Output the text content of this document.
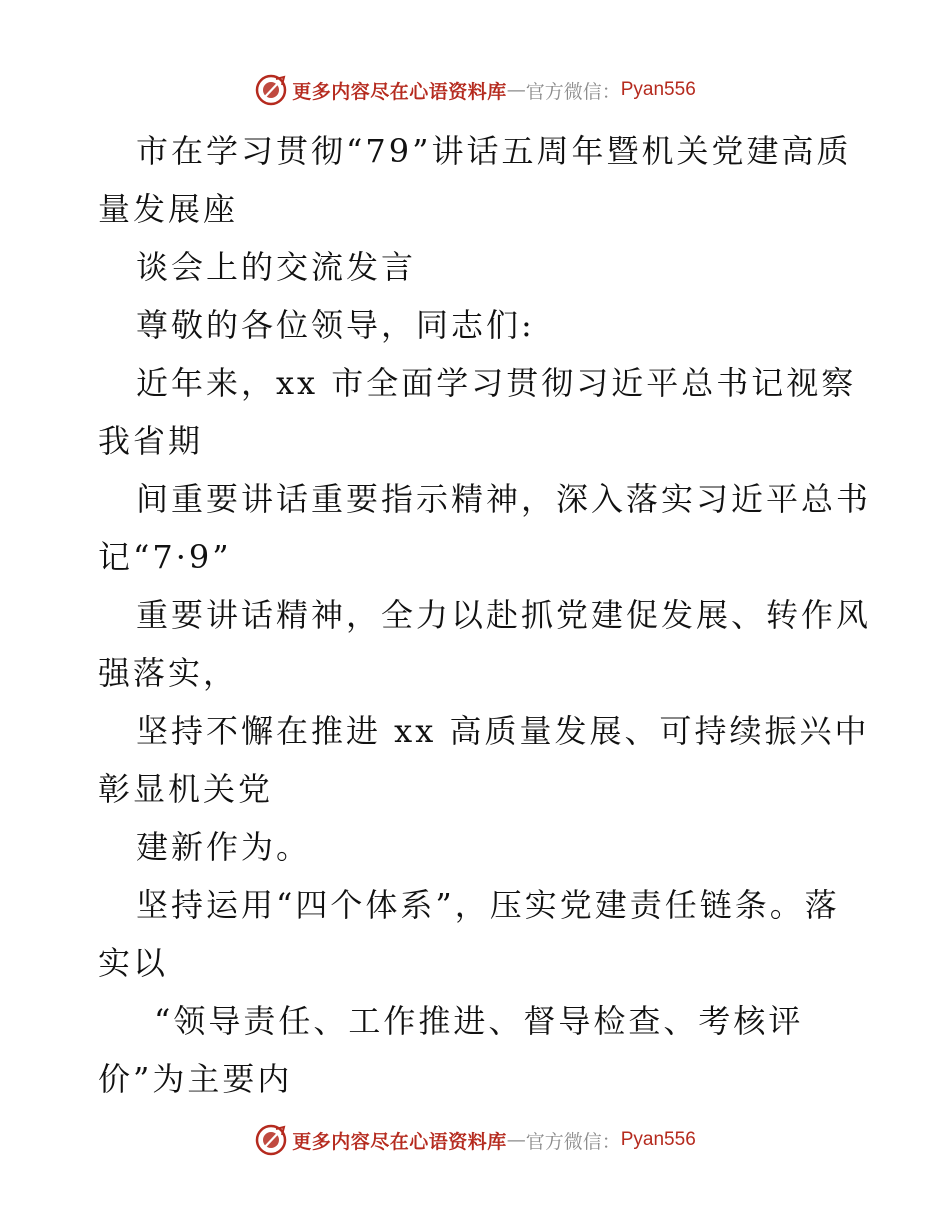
更多内容尽在心语资料库 — 官方微信： Pyan556
市在学习贯彻“79”讲话五周年暨机关党建高质
量发展座
谈会上的交流发言
尊敬的各位领导，同志们:
近年来，xx 市全面学习贯彻习近平总书记视察
我省期
间重要讲话重要指示精神，深入落实习近平总书
记“7·9”
重要讲话精神，全力以赴抓党建促发展、转作风
强落实，
坚持不懈在推进 xx 高质量发展、可持续振兴中
彰显机关党
建新作为。
坚持运用“四个体系”，压实党建责任链条。落
实以
“领导责任、工作推进、督导检查、考核评
价”为主要内
更多内容尽在心语资料库 — 官方微信： Pyan556
